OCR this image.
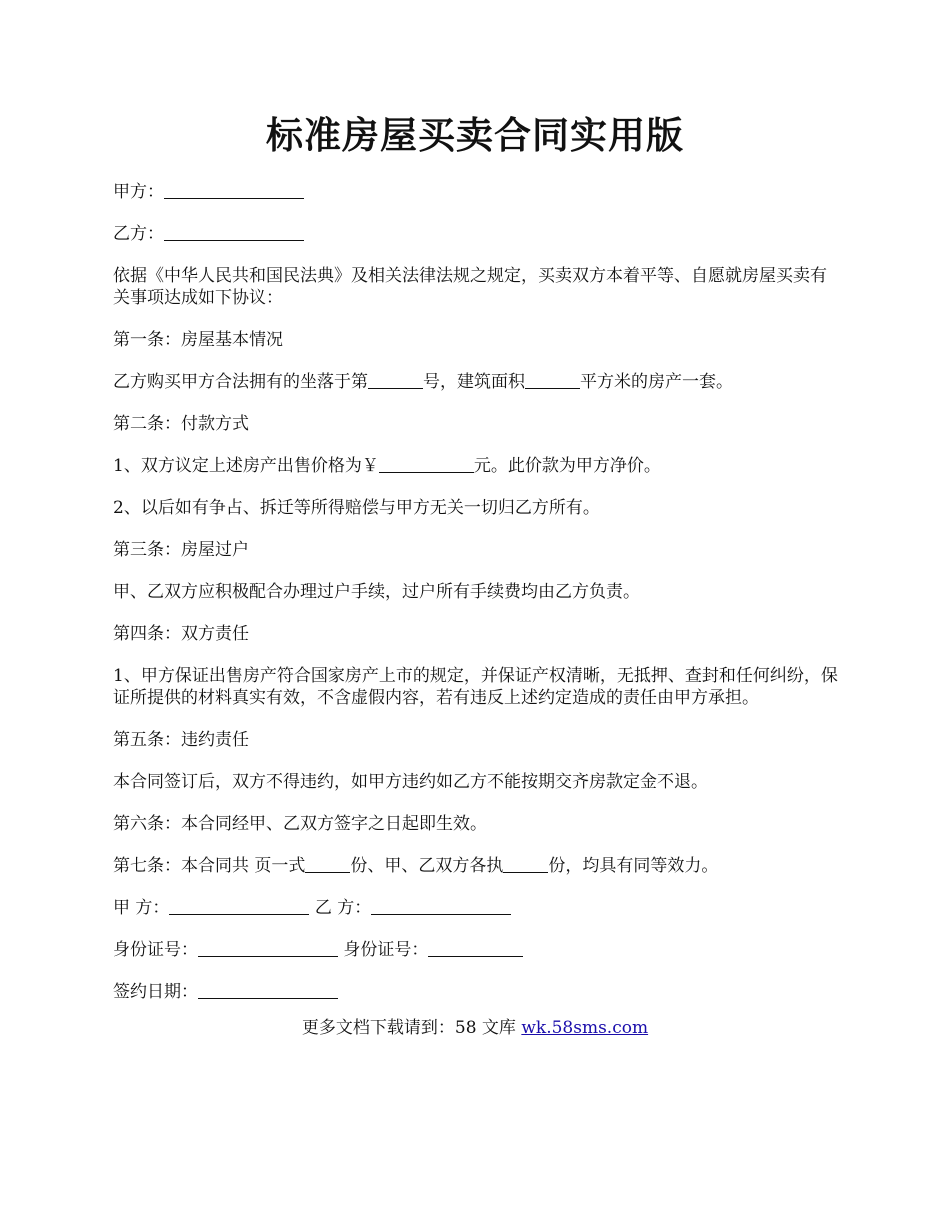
标准房屋买卖合同实用版

甲方：

乙方：

依据《中华人民共和国民法典》及相关法律法规之规定，买卖双方本着平等、自愿就房屋买卖有关事项达成如下协议：

第一条：房屋基本情况

乙方购买甲方合法拥有的坐落于第	号，建筑面积	平方米的房产一套。

第二条：付款方式

1、双方议定上述房产出售价格为￥	元。此价款为甲方净价。

2、以后如有争占、拆迁等所得赔偿与甲方无关一切归乙方所有。

第三条：房屋过户

甲、乙双方应积极配合办理过户手续，过户所有手续费均由乙方负责。

第四条：双方责任

1、甲方保证出售房产符合国家房产上市的规定，并保证产权清晰，无抵押、查封和任何纠纷，保证所提供的材料真实有效，不含虚假内容，若有违反上述约定造成的责任由甲方承担。

第五条：违约责任

本合同签订后，双方不得违约，如甲方违约如乙方不能按期交齐房款定金不退。

第六条：本合同经甲、乙双方签字之日起即生效。

第七条：本合同共 页一式	份、甲、乙双方各执	份，均具有同等效力。

甲 方：	乙 方：

身份证号：	身份证号：

签约日期：

更多文档下载请到：58 文库 wk.58sms.com
